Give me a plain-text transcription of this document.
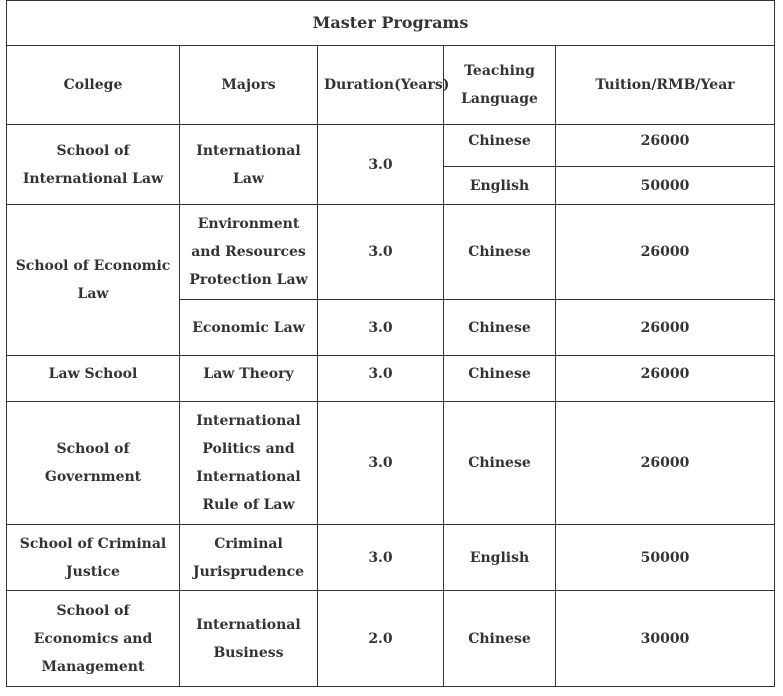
Master Programs				
College	Majors	Duration(Years)	Teaching Language	Tuition/RMB/Year
School of International Law	International Law	3.0	Chinese	26000
			English	50000
School of Economic Law	Environment and Resources Protection Law	3.0	Chinese	26000
	Economic Law	3.0	Chinese	26000
Law School	Law Theory	3.0	Chinese	26000
School of Government	International Politics and International Rule of Law	3.0	Chinese	26000
School of Criminal Justice	Criminal Jurisprudence	3.0	English	50000
School of Economics and Management	International Business	2.0	Chinese	30000
